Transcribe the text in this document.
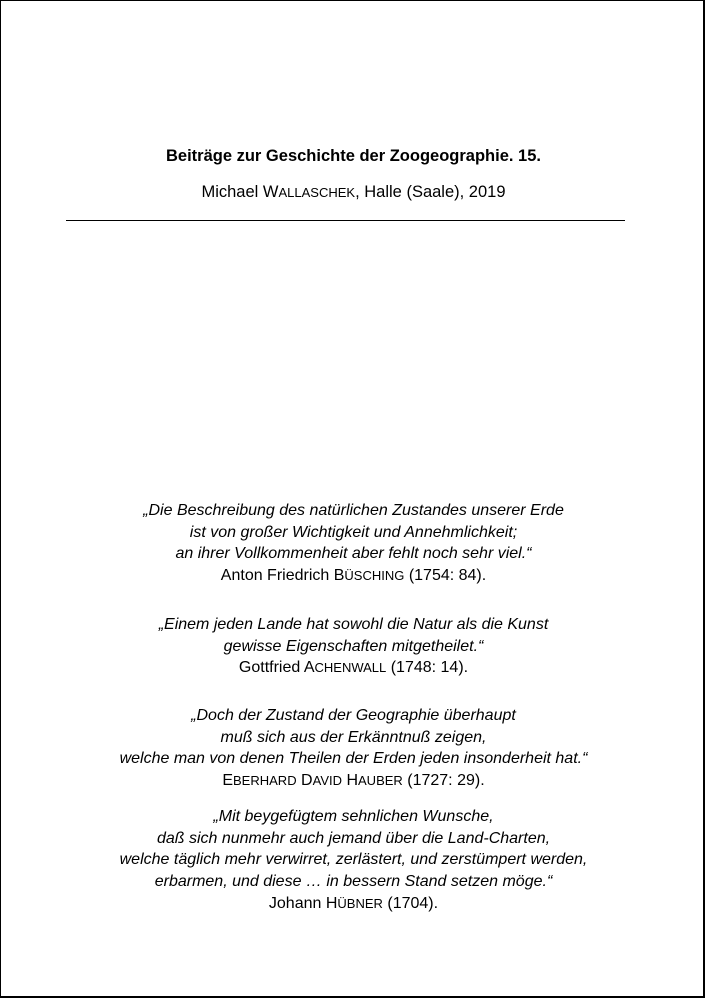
Beiträge zur Geschichte der Zoogeographie. 15.
Michael WALLASCHEK, Halle (Saale), 2019
„Die Beschreibung des natürlichen Zustandes unserer Erde
ist von großer Wichtigkeit und Annehmlichkeit;
an ihrer Vollkommenheit aber fehlt noch sehr viel.“
Anton Friedrich BÜSCHING (1754: 84).
„Einem jeden Lande hat sowohl die Natur als die Kunst
gewisse Eigenschaften mitgetheilet.“
Gottfried ACHENWALL (1748: 14).
„Doch der Zustand der Geographie überhaupt
muß sich aus der Erkänntnuß zeigen,
welche man von denen Theilen der Erden jeden insonderheit hat.“
EBERHARD DAVID HAUBER (1727: 29).
„Mit beygefügtem sehnlichen Wunsche,
daß sich nunmehr auch jemand über die Land-Charten,
welche täglich mehr verwirret, zerlästert, und zerstümpert werden,
erbarmen, und diese … in bessern Stand setzen möge.“
Johann HÜBNER (1704).
